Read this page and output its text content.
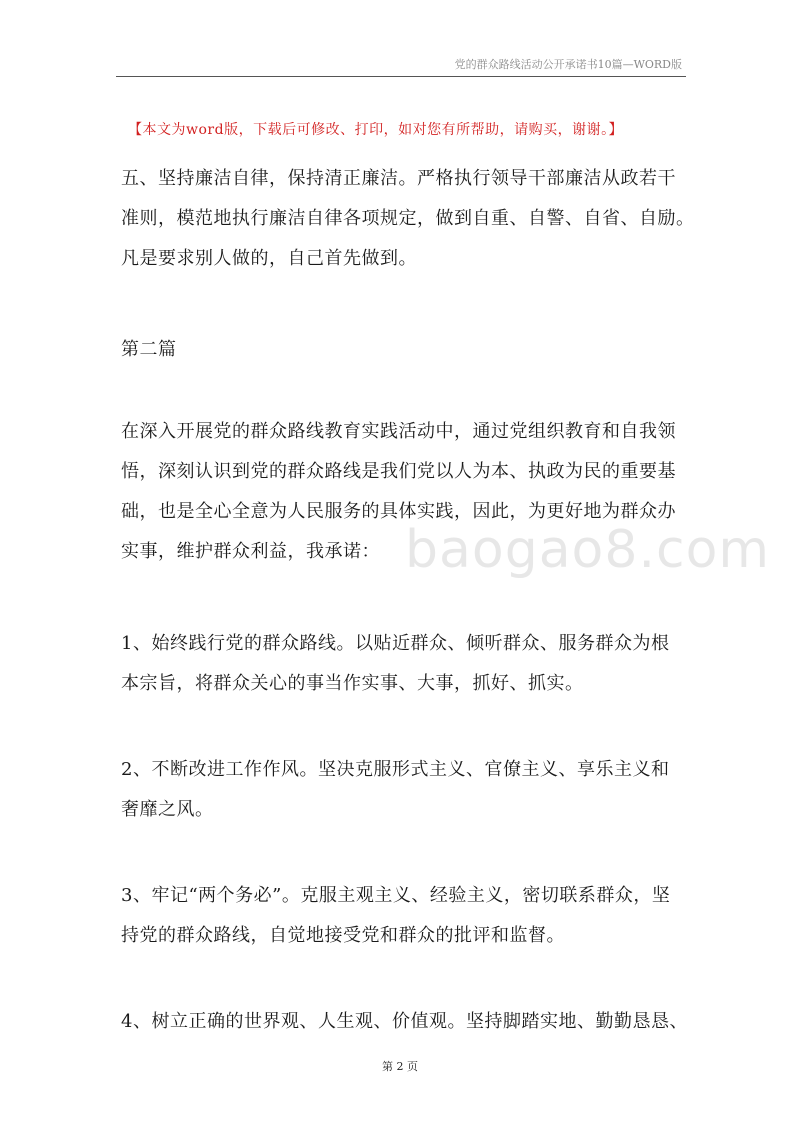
党的群众路线活动公开承诺书10篇—WORD版
【本文为word版，下载后可修改、打印，如对您有所帮助，请购买，谢谢。】

五、坚持廉洁自律，保持清正廉洁。严格执行领导干部廉洁从政若干
准则，模范地执行廉洁自律各项规定，做到自重、自警、自省、自励。
凡是要求别人做的，自己首先做到。

第二篇

在深入开展党的群众路线教育实践活动中，通过党组织教育和自我领
悟，深刻认识到党的群众路线是我们党以人为本、执政为民的重要基
础，也是全心全意为人民服务的具体实践，因此，为更好地为群众办
实事，维护群众利益，我承诺：

1、始终践行党的群众路线。以贴近群众、倾听群众、服务群众为根
本宗旨，将群众关心的事当作实事、大事，抓好、抓实。

2、不断改进工作作风。坚决克服形式主义、官僚主义、享乐主义和
奢靡之风。

3、牢记“两个务必”。克服主观主义、经验主义，密切联系群众，坚
持党的群众路线，自觉地接受党和群众的批评和监督。

4、树立正确的世界观、人生观、价值观。坚持脚踏实地、勤勤恳恳、

baogao8.com
第 2 页
